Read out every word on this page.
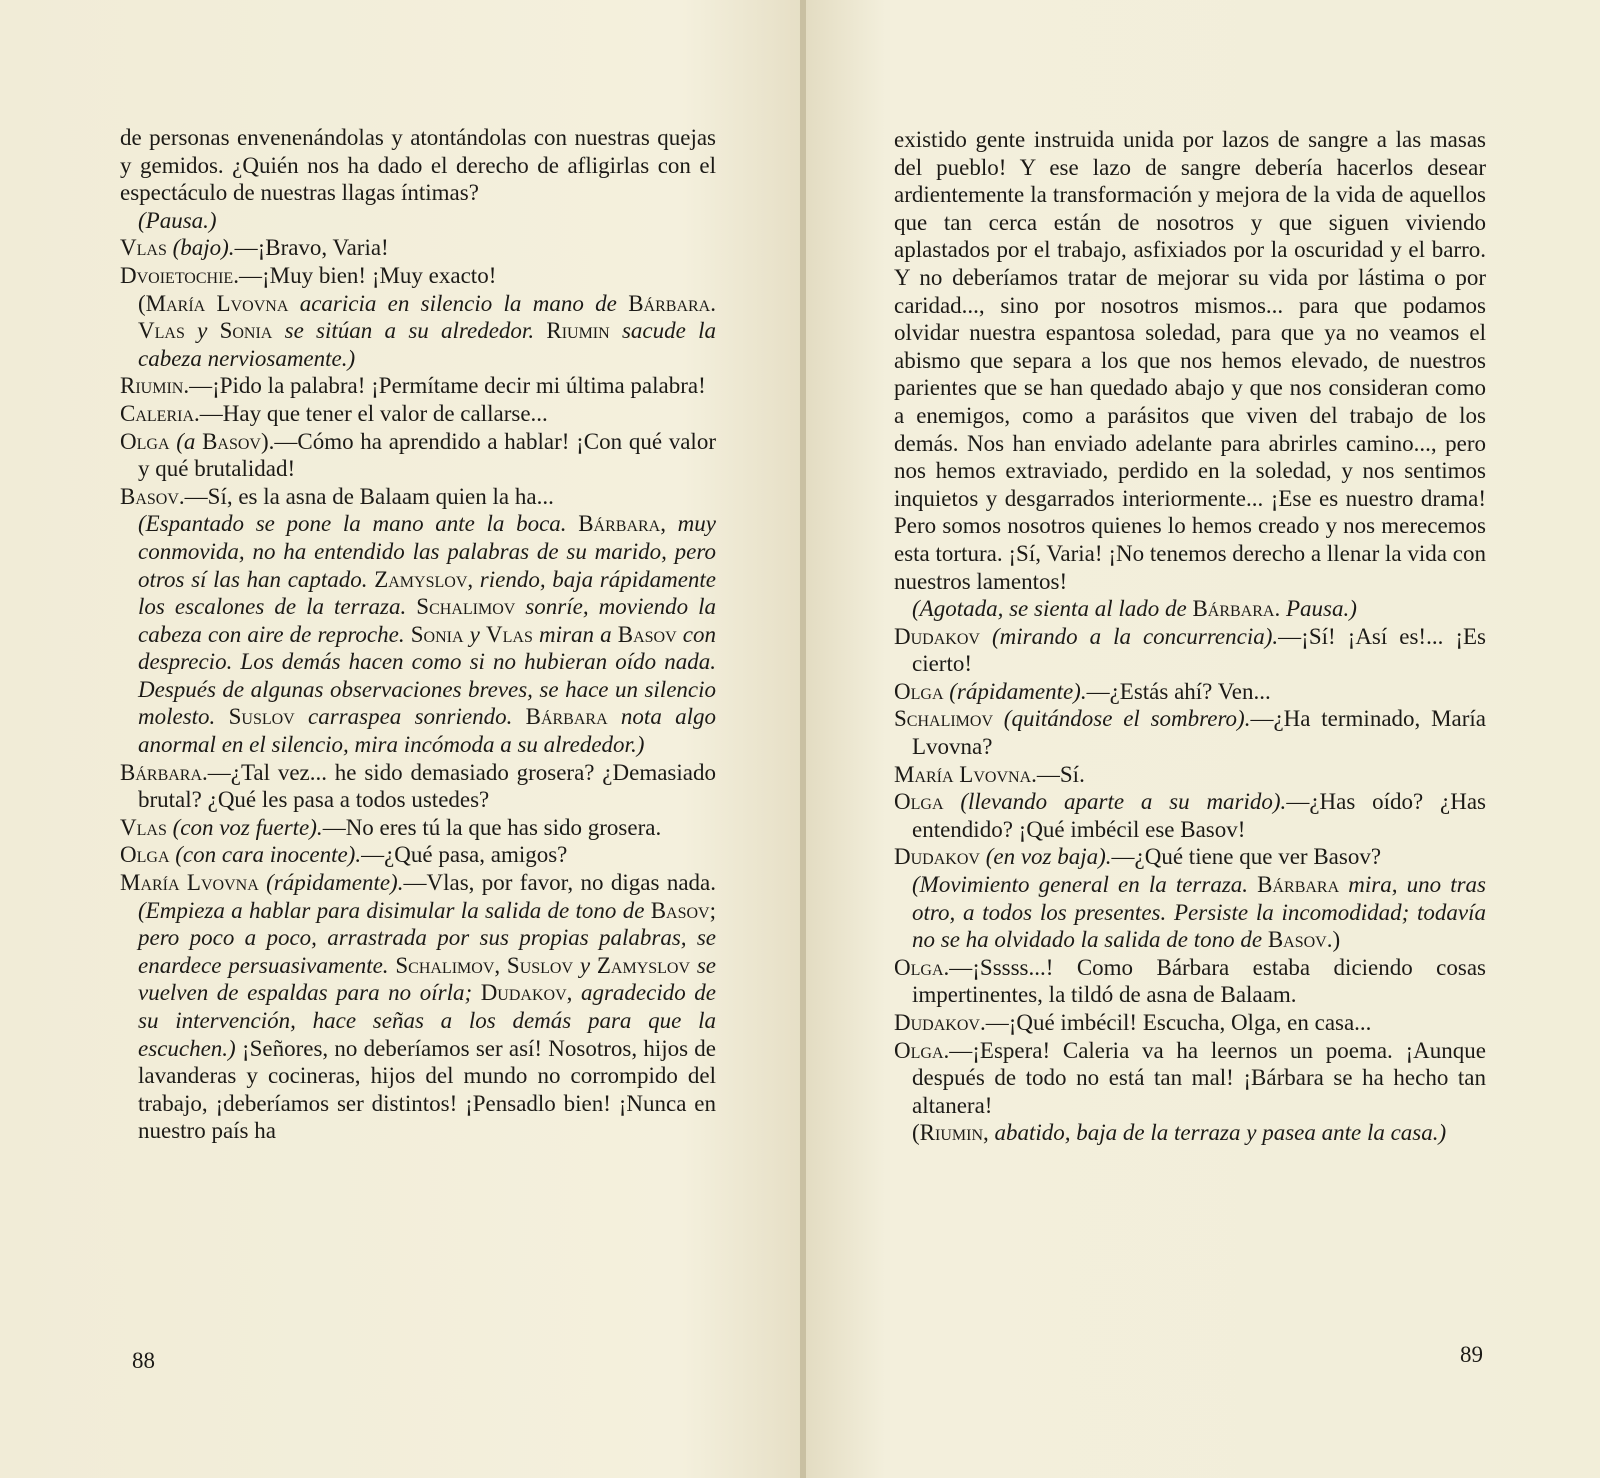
de personas envenenándolas y atontándolas con nuestras quejas y gemidos. ¿Quién nos ha dado el derecho de afligirlas con el espectáculo de nuestras llagas íntimas?

(Pausa.)

Vlas (bajo).—¡Bravo, Varia!

Dvoietochie.—¡Muy bien! ¡Muy exacto!

(María Lvovna acaricia en silencio la mano de Bárbara. Vlas y Sonia se sitúan a su alrededor. Riumin sacude la cabeza nerviosamente.)

Riumin.—¡Pido la palabra! ¡Permítame decir mi última palabra!

Caleria.—Hay que tener el valor de callarse...

Olga (a Basov).—Cómo ha aprendido a hablar! ¡Con qué valor y qué brutalidad!

Basov.—Sí, es la asna de Balaam quien la ha...

(Espantado se pone la mano ante la boca. Bárbara, muy conmovida, no ha entendido las palabras de su marido, pero otros sí las han captado. Zamyslov, riendo, baja rápidamente los escalones de la terraza. Schalimov sonríe, moviendo la cabeza con aire de reproche. Sonia y Vlas miran a Basov con desprecio. Los demás hacen como si no hubieran oído nada. Después de algunas observaciones breves, se hace un silencio molesto. Suslov carraspea sonriendo. Bárbara nota algo anormal en el silencio, mira incómoda a su alrededor.)

Bárbara.—¿Tal vez... he sido demasiado grosera? ¿Demasiado brutal? ¿Qué les pasa a todos ustedes?

Vlas (con voz fuerte).—No eres tú la que has sido grosera.

Olga (con cara inocente).—¿Qué pasa, amigos?

María Lvovna (rápidamente).—Vlas, por favor, no digas nada. (Empieza a hablar para disimular la salida de tono de Basov; pero poco a poco, arrastrada por sus propias palabras, se enardece persuasivamente. Schalimov, Suslov y Zamyslov se vuelven de espaldas para no oírla; Dudakov, agradecido de su intervención, hace señas a los demás para que la escuchen.) ¡Señores, no deberíamos ser así! Nosotros, hijos de lavanderas y cocineras, hijos del mundo no corrompido del trabajo, ¡deberíamos ser distintos! ¡Pensadlo bien! ¡Nunca en nuestro país ha

88

existido gente instruida unida por lazos de sangre a las masas del pueblo! Y ese lazo de sangre debería hacerlos desear ardientemente la transformación y mejora de la vida de aquellos que tan cerca están de nosotros y que siguen viviendo aplastados por el trabajo, asfixiados por la oscuridad y el barro. Y no deberíamos tratar de mejorar su vida por lástima o por caridad..., sino por nosotros mismos... para que podamos olvidar nuestra espantosa soledad, para que ya no veamos el abismo que separa a los que nos hemos elevado, de nuestros parientes que se han quedado abajo y que nos consideran como a enemigos, como a parásitos que viven del trabajo de los demás. Nos han enviado adelante para abrirles camino..., pero nos hemos extraviado, perdido en la soledad, y nos sentimos inquietos y desgarrados interiormente... ¡Ese es nuestro drama! Pero somos nosotros quienes lo hemos creado y nos merecemos esta tortura. ¡Sí, Varia! ¡No tenemos derecho a llenar la vida con nuestros lamentos!

(Agotada, se sienta al lado de Bárbara. Pausa.)

Dudakov (mirando a la concurrencia).—¡Sí! ¡Así es!... ¡Es cierto!

Olga (rápidamente).—¿Estás ahí? Ven...

Schalimov (quitándose el sombrero).—¿Ha terminado, María Lvovna?

María Lvovna.—Sí.

Olga (llevando aparte a su marido).—¿Has oído? ¿Has entendido? ¡Qué imbécil ese Basov!

Dudakov (en voz baja).—¿Qué tiene que ver Basov?

(Movimiento general en la terraza. Bárbara mira, uno tras otro, a todos los presentes. Persiste la incomodidad; todavía no se ha olvidado la salida de tono de Basov.)

Olga.—¡Sssss...! Como Bárbara estaba diciendo cosas impertinentes, la tildó de asna de Balaam.

Dudakov.—¡Qué imbécil! Escucha, Olga, en casa...

Olga.—¡Espera! Caleria va ha leernos un poema. ¡Aunque después de todo no está tan mal! ¡Bárbara se ha hecho tan altanera!

(Riumin, abatido, baja de la terraza y pasea ante la casa.)

89
